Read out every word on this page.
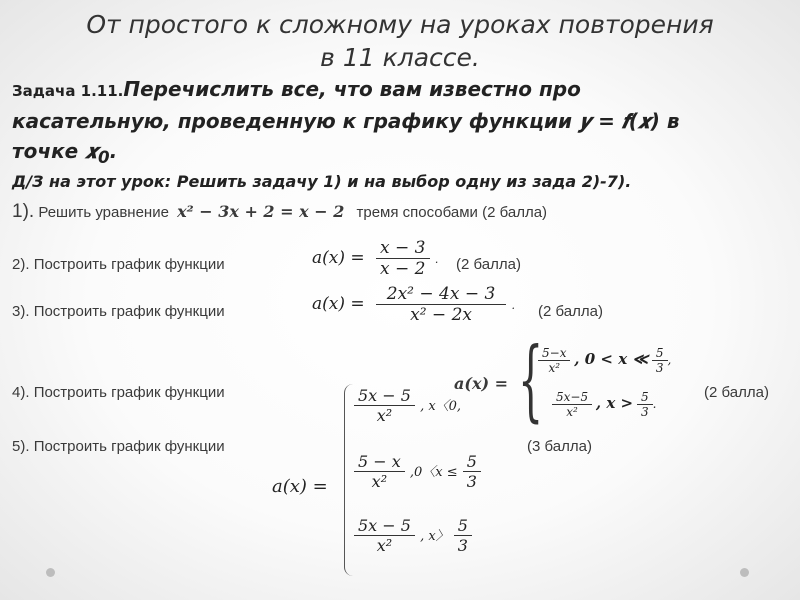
От простого к сложному на уроках повторения
в 11 классе.
Задача 1.11.Перечислить все, что вам известно про
касательную, проведенную к графику функции 𝒚 = 𝒇(𝒙) в
точке 𝒙$_0$.
Д/З на этот урок: Решить задачу 1) и на выбор одну из зада 2)-7).
1). Решить уравнение x² − 3x + 2 = x − 2 тремя способами (2 балла)
2). Построить график функции	$a(x) = \frac{x - 3}{x - 2}$ . (2 балла)
3). Построить график функции	$a(x) = \frac{\text{2x² − 4x − 3}}{\text{x² − 2x}}$ . (2 балла)
4). Построить график функции	𝒂(𝒙) = {
$\frac{\text{5−𝑥}}{\text{𝑥²}}$ , 0 < 𝒙 ≪ $\frac{5}{3}$ ,
$\frac{\text{5𝑥−5}}{\text{𝑥²}}$ , 𝒙 > $\frac{5}{3}$ .
(2 балла)
5). Построить график функции	(3 балла)
a(x) =
$\frac{5x - 5}{\text{x²}}$ , x〈0,
$\frac{5 - x}{\text{x²}} ,0$〈$x \le \frac{5}{3}$
$\frac{5x - 5}{\text{x²}}$ , x〉 $\frac{5}{3}$
